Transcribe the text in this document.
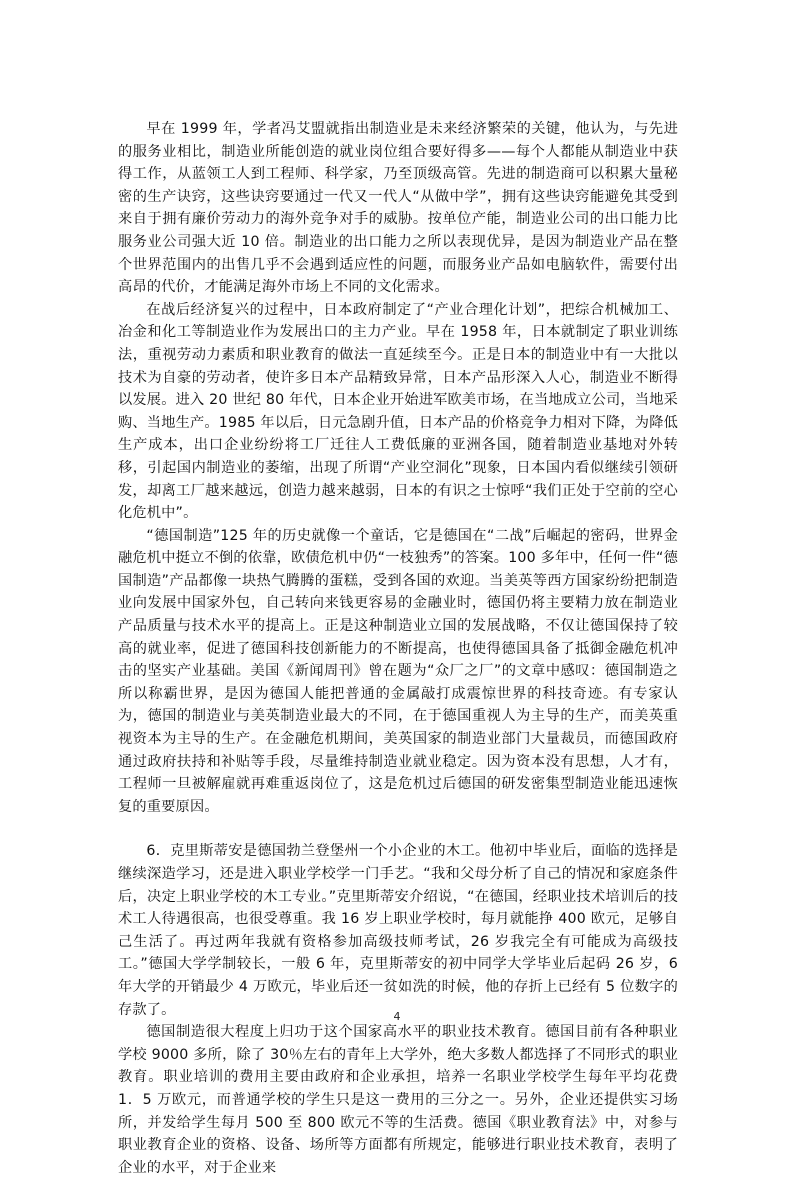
早在 1999 年，学者冯艾盟就指出制造业是未来经济繁荣的关键，他认为，与先进的服务业相比，制造业所能创造的就业岗位组合要好得多——每个人都能从制造业中获得工作，从蓝领工人到工程师、科学家，乃至顶级高管。先进的制造商可以积累大量秘密的生产诀窍，这些诀窍要通过一代又一代人“从做中学”，拥有这些诀窍能避免其受到来自于拥有廉价劳动力的海外竞争对手的威胁。按单位产能，制造业公司的出口能力比服务业公司强大近 10 倍。制造业的出口能力之所以表现优异，是因为制造业产品在整个世界范围内的出售几乎不会遇到适应性的问题，而服务业产品如电脑软件，需要付出高昂的代价，才能满足海外市场上不同的文化需求。

在战后经济复兴的过程中，日本政府制定了“产业合理化计划”，把综合机械加工、冶金和化工等制造业作为发展出口的主力产业。早在 1958 年，日本就制定了职业训练法，重视劳动力素质和职业教育的做法一直延续至今。正是日本的制造业中有一大批以技术为自豪的劳动者，使许多日本产品精致异常，日本产品形深入人心，制造业不断得以发展。进入 20 世纪 80 年代，日本企业开始进军欧美市场，在当地成立公司，当地采购、当地生产。1985 年以后，日元急剧升值，日本产品的价格竞争力相对下降，为降低生产成本，出口企业纷纷将工厂迁往人工费低廉的亚洲各国，随着制造业基地对外转移，引起国内制造业的萎缩，出现了所谓“产业空洞化”现象，日本国内看似继续引领研发，却离工厂越来越远，创造力越来越弱，日本的有识之士惊呼“我们正处于空前的空心化危机中”。

“德国制造”125 年的历史就像一个童话，它是德国在“二战”后崛起的密码，世界金融危机中挺立不倒的依靠，欧债危机中仍“一枝独秀”的答案。100 多年中，任何一件“德国制造”产品都像一块热气腾腾的蛋糕，受到各国的欢迎。当美英等西方国家纷纷把制造业向发展中国家外包，自己转向来钱更容易的金融业时，德国仍将主要精力放在制造业产品质量与技术水平的提高上。正是这种制造业立国的发展战略，不仅让德国保持了较高的就业率，促进了德国科技创新能力的不断提高，也使得德国具备了抵御金融危机冲击的坚实产业基础。美国《新闻周刊》曾在题为“众厂之厂”的文章中感叹：德国制造之所以称霸世界，是因为德国人能把普通的金属敲打成震惊世界的科技奇迹。有专家认为，德国的制造业与美英制造业最大的不同，在于德国重视人为主导的生产，而美英重视资本为主导的生产。在金融危机期间，美英国家的制造业部门大量裁员，而德国政府通过政府扶持和补贴等手段，尽量维持制造业就业稳定。因为资本没有思想，人才有，工程师一旦被解雇就再难重返岗位了，这是危机过后德国的研发密集型制造业能迅速恢复的重要原因。

6．克里斯蒂安是德国勃兰登堡州一个小企业的木工。他初中毕业后，面临的选择是继续深造学习，还是进入职业学校学一门手艺。“我和父母分析了自己的情况和家庭条件后，决定上职业学校的木工专业。”克里斯蒂安介绍说，“在德国，经职业技术培训后的技术工人待遇很高，也很受尊重。我 16 岁上职业学校时，每月就能挣 400 欧元，足够自己生活了。再过两年我就有资格参加高级技师考试，26 岁我完全有可能成为高级技工。”德国大学学制较长，一般 6 年，克里斯蒂安的初中同学大学毕业后起码 26 岁，6 年大学的开销最少 4 万欧元，毕业后还一贫如洗的时候，他的存折上已经有 5 位数字的存款了。

德国制造很大程度上归功于这个国家高水平的职业技术教育。德国目前有各种职业学校 9000 多所，除了 30％左右的青年上大学外，绝大多数人都选择了不同形式的职业教育。职业培训的费用主要由政府和企业承担，培养一名职业学校学生每年平均花费 1．5 万欧元，而普通学校的学生只是这一费用的三分之一。另外，企业还提供实习场所，并发给学生每月 500 至 800 欧元不等的生活费。德国《职业教育法》中，对参与职业教育企业的资格、设备、场所等方面都有所规定，能够进行职业技术教育，表明了企业的水平，对于企业来

4
